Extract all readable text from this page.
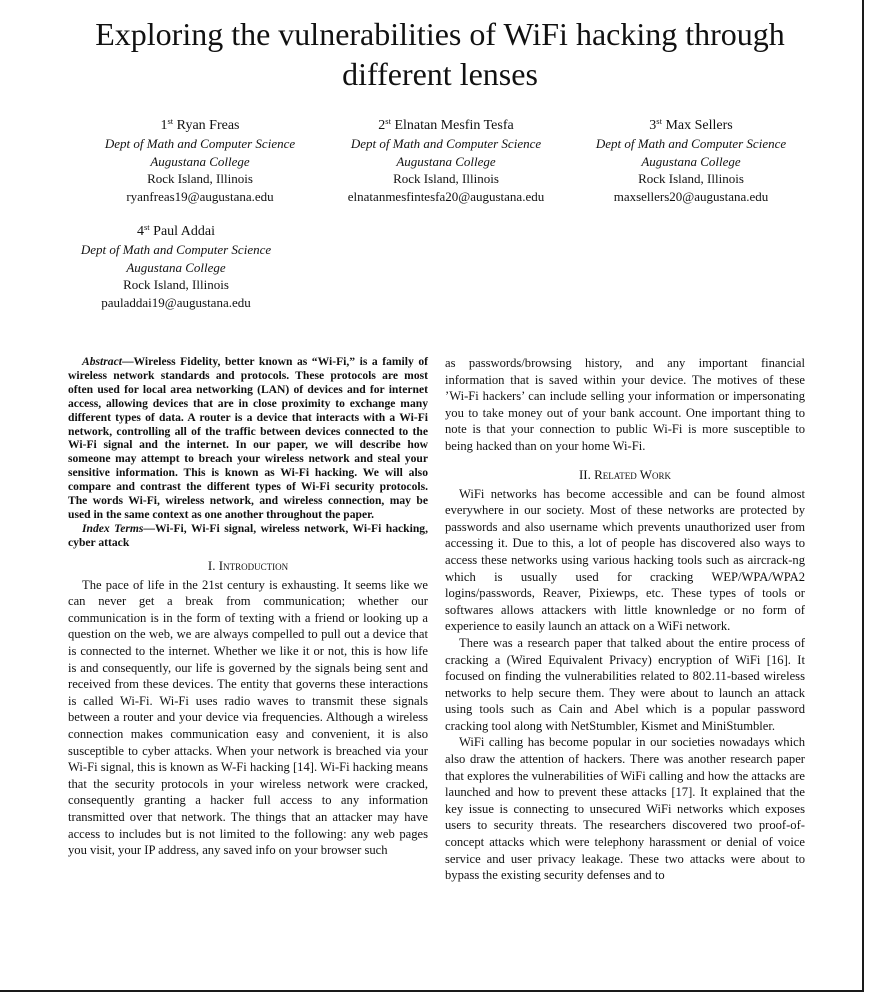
Exploring the vulnerabilities of WiFi hacking through different lenses
1st Ryan Freas
Dept of Math and Computer Science
Augustana College
Rock Island, Illinois
ryanfreas19@augustana.edu
2st Elnatan Mesfin Tesfa
Dept of Math and Computer Science
Augustana College
Rock Island, Illinois
elnatanmesfintesfa20@augustana.edu
3st Max Sellers
Dept of Math and Computer Science
Augustana College
Rock Island, Illinois
maxsellers20@augustana.edu
4st Paul Addai
Dept of Math and Computer Science
Augustana College
Rock Island, Illinois
pauladdai19@augustana.edu

Abstract—Wireless Fidelity, better known as “Wi-Fi,” is a family of wireless network standards and protocols. These protocols are most often used for local area networking (LAN) of devices and for internet access, allowing devices that are in close proximity to exchange many different types of data. A router is a device that interacts with a Wi-Fi network, controlling all of the traffic between devices connected to the Wi-Fi signal and the internet. In our paper, we will describe how someone may attempt to breach your wireless network and steal your sensitive information. This is known as Wi-Fi hacking. We will also compare and contrast the different types of Wi-Fi security protocols. The words Wi-Fi, wireless network, and wireless connection, may be used in the same context as one another throughout the paper.

Index Terms—Wi-Fi, Wi-Fi signal, wireless network, Wi-Fi hacking, cyber attack

I. Introduction

The pace of life in the 21st century is exhausting. It seems like we can never get a break from communication; whether our communication is in the form of texting with a friend or looking up a question on the web, we are always compelled to pull out a device that is connected to the internet. Whether we like it or not, this is how life is and consequently, our life is governed by the signals being sent and received from these devices. The entity that governs these interactions is called Wi-Fi. Wi-Fi uses radio waves to transmit these signals between a router and your device via frequencies. Although a wireless connection makes communication easy and convenient, it is also susceptible to cyber attacks. When your network is breached via your Wi-Fi signal, this is known as W-Fi hacking [14]. Wi-Fi hacking means that the security protocols in your wireless network were cracked, consequently granting a hacker full access to any information transmitted over that network. The things that an attacker may have access to includes but is not limited to the following: any web pages you visit, your IP address, any saved info on your browser such

as passwords/browsing history, and any important financial information that is saved within your device. The motives of these ’Wi-Fi hackers’ can include selling your information or impersonating you to take money out of your bank account. One important thing to note is that your connection to public Wi-Fi is more susceptible to being hacked than on your home Wi-Fi.

II. Related Work

WiFi networks has become accessible and can be found almost everywhere in our society. Most of these networks are protected by passwords and also username which prevents unauthorized user from accessing it. Due to this, a lot of people has discovered also ways to access these networks using various hacking tools such as aircrack-ng which is usually used for cracking WEP/WPA/WPA2 logins/passwords, Reaver, Pixiewps, etc. These types of tools or softwares allows attackers with little knownledge or no form of experience to easily launch an attack on a WiFi network.

There was a research paper that talked about the entire process of cracking a (Wired Equivalent Privacy) encryption of WiFi [16]. It focused on finding the vulnerabilities related to 802.11-based wireless networks to help secure them. They were about to launch an attack using tools such as Cain and Abel which is a popular password cracking tool along with NetStumbler, Kismet and MiniStumbler.

WiFi calling has become popular in our societies nowadays which also draw the attention of hackers. There was another research paper that explores the vulnerabilities of WiFi calling and how the attacks are launched and how to prevent these attacks [17]. It explained that the key issue is connecting to unsecured WiFi networks which exposes users to security threats. The researchers discovered two proof-of-concept attacks which were telephony harassment or denial of voice service and user privacy leakage. These two attacks were about to bypass the existing security defenses and to
